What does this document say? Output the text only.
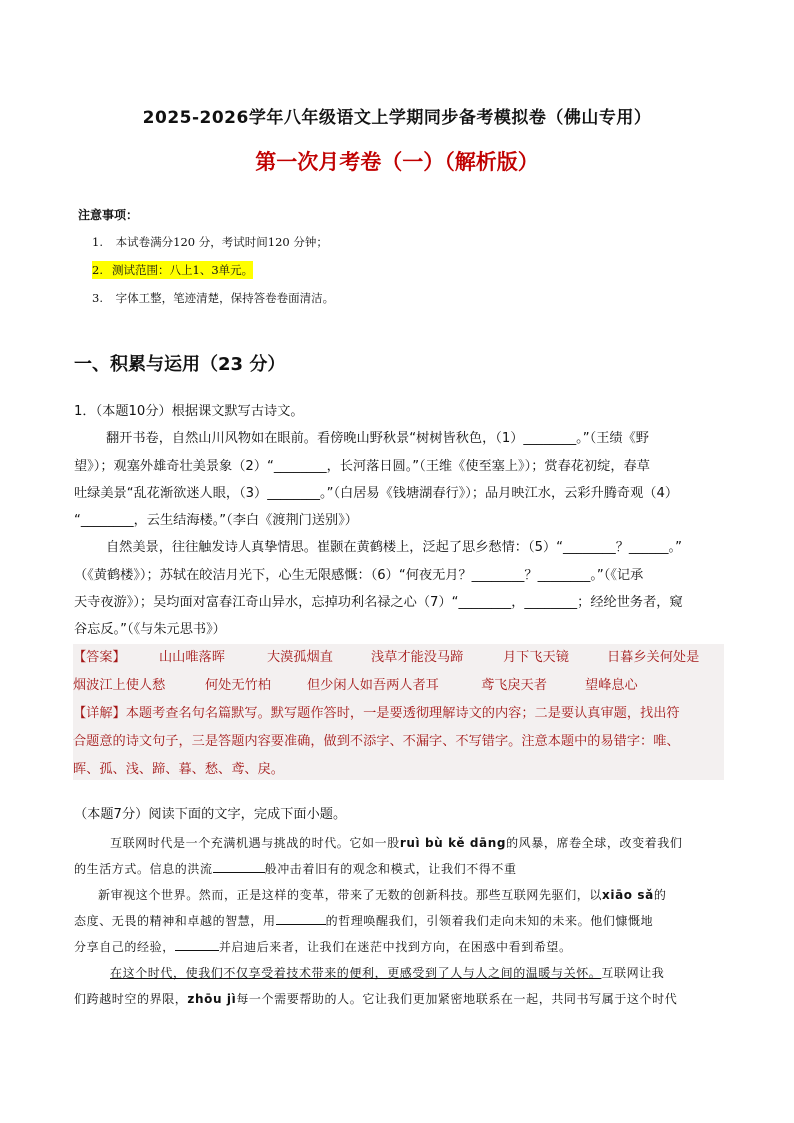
2025-2026学年八年级语文上学期同步备考模拟卷（佛山专用）
第一次月考卷（一）（解析版）
注意事项：
1. 本试卷满分120 分，考试时间120 分钟；
2. 测试范围：八上1、3单元。
3. 字体工整，笔迹清楚，保持答卷卷面清洁。
一、积累与运用（23 分）

1．（本题10分）根据课文默写古诗文。

翻开书卷，自然山川风物如在眼前。看傍晚山野秋景“树树皆秋色，（1）________。”（王绩《野

望》）；观塞外雄奇壮美景象（2）“________，长河落日圆。”（王维《使至塞上》）；赏春花初绽，春草

吐绿美景“乱花渐欲迷人眼，（3）________。”（白居易《钱塘湖春行》）；品月映江水，云彩升腾奇观（4）

“________，云生结海楼。”（李白《渡荆门送别》）

自然美景，往往触发诗人真挚情思。崔颢在黄鹤楼上，泛起了思乡愁情：（5）“________？______。”

（《黄鹤楼》）；苏轼在皎洁月光下，心生无限感慨：（6）“何夜无月？________？________。”（《记承

天寺夜游》）；吴均面对富春江奇山异水，忘掉功利名禄之心（7）“________，________；经纶世务者，窥

谷忘反。”（《与朱元思书》）

【答案】	山山唯落晖	大漠孤烟直	浅草才能没马蹄	月下飞天镜	日暮乡关何处是
烟波江上使人愁	何处无竹柏	但少闲人如吾两人者耳	鸢飞戾天者	望峰息心
【详解】本题考查名句名篇默写。默写题作答时，一是要透彻理解诗文的内容；二是要认真审题，找出符
合题意的诗文句子，三是答题内容要准确，做到不添字、不漏字、不写错字。注意本题中的易错字：唯、
晖、孤、浅、蹄、暮、愁、鸢、戾。
（本题7分）阅读下面的文字，完成下面小题。

互联网时代是一个充满机遇与挑战的时代。它如一股ruì bù kě dāng的风暴，席卷全球，改变着我们

的生活方式。信息的洪流	般冲击着旧有的观念和模式，让我们不得不重

新审视这个世界。然而，正是这样的变革，带来了无数的创新科技。那些互联网先驱们，以xiāo sǎ的

态度、无畏的精神和卓越的智慧，用	的哲理唤醒我们，引领着我们走向未知的未来。他们慷慨地

分享自己的经验，	并启迪后来者，让我们在迷茫中找到方向，在困惑中看到希望。

在这个时代，使我们不仅享受着技术带来的便利，更感受到了人与人之间的温暖与关怀。互联网让我

们跨越时空的界限，zhōu jì每一个需要帮助的人。它让我们更加紧密地联系在一起，共同书写属于这个时代
